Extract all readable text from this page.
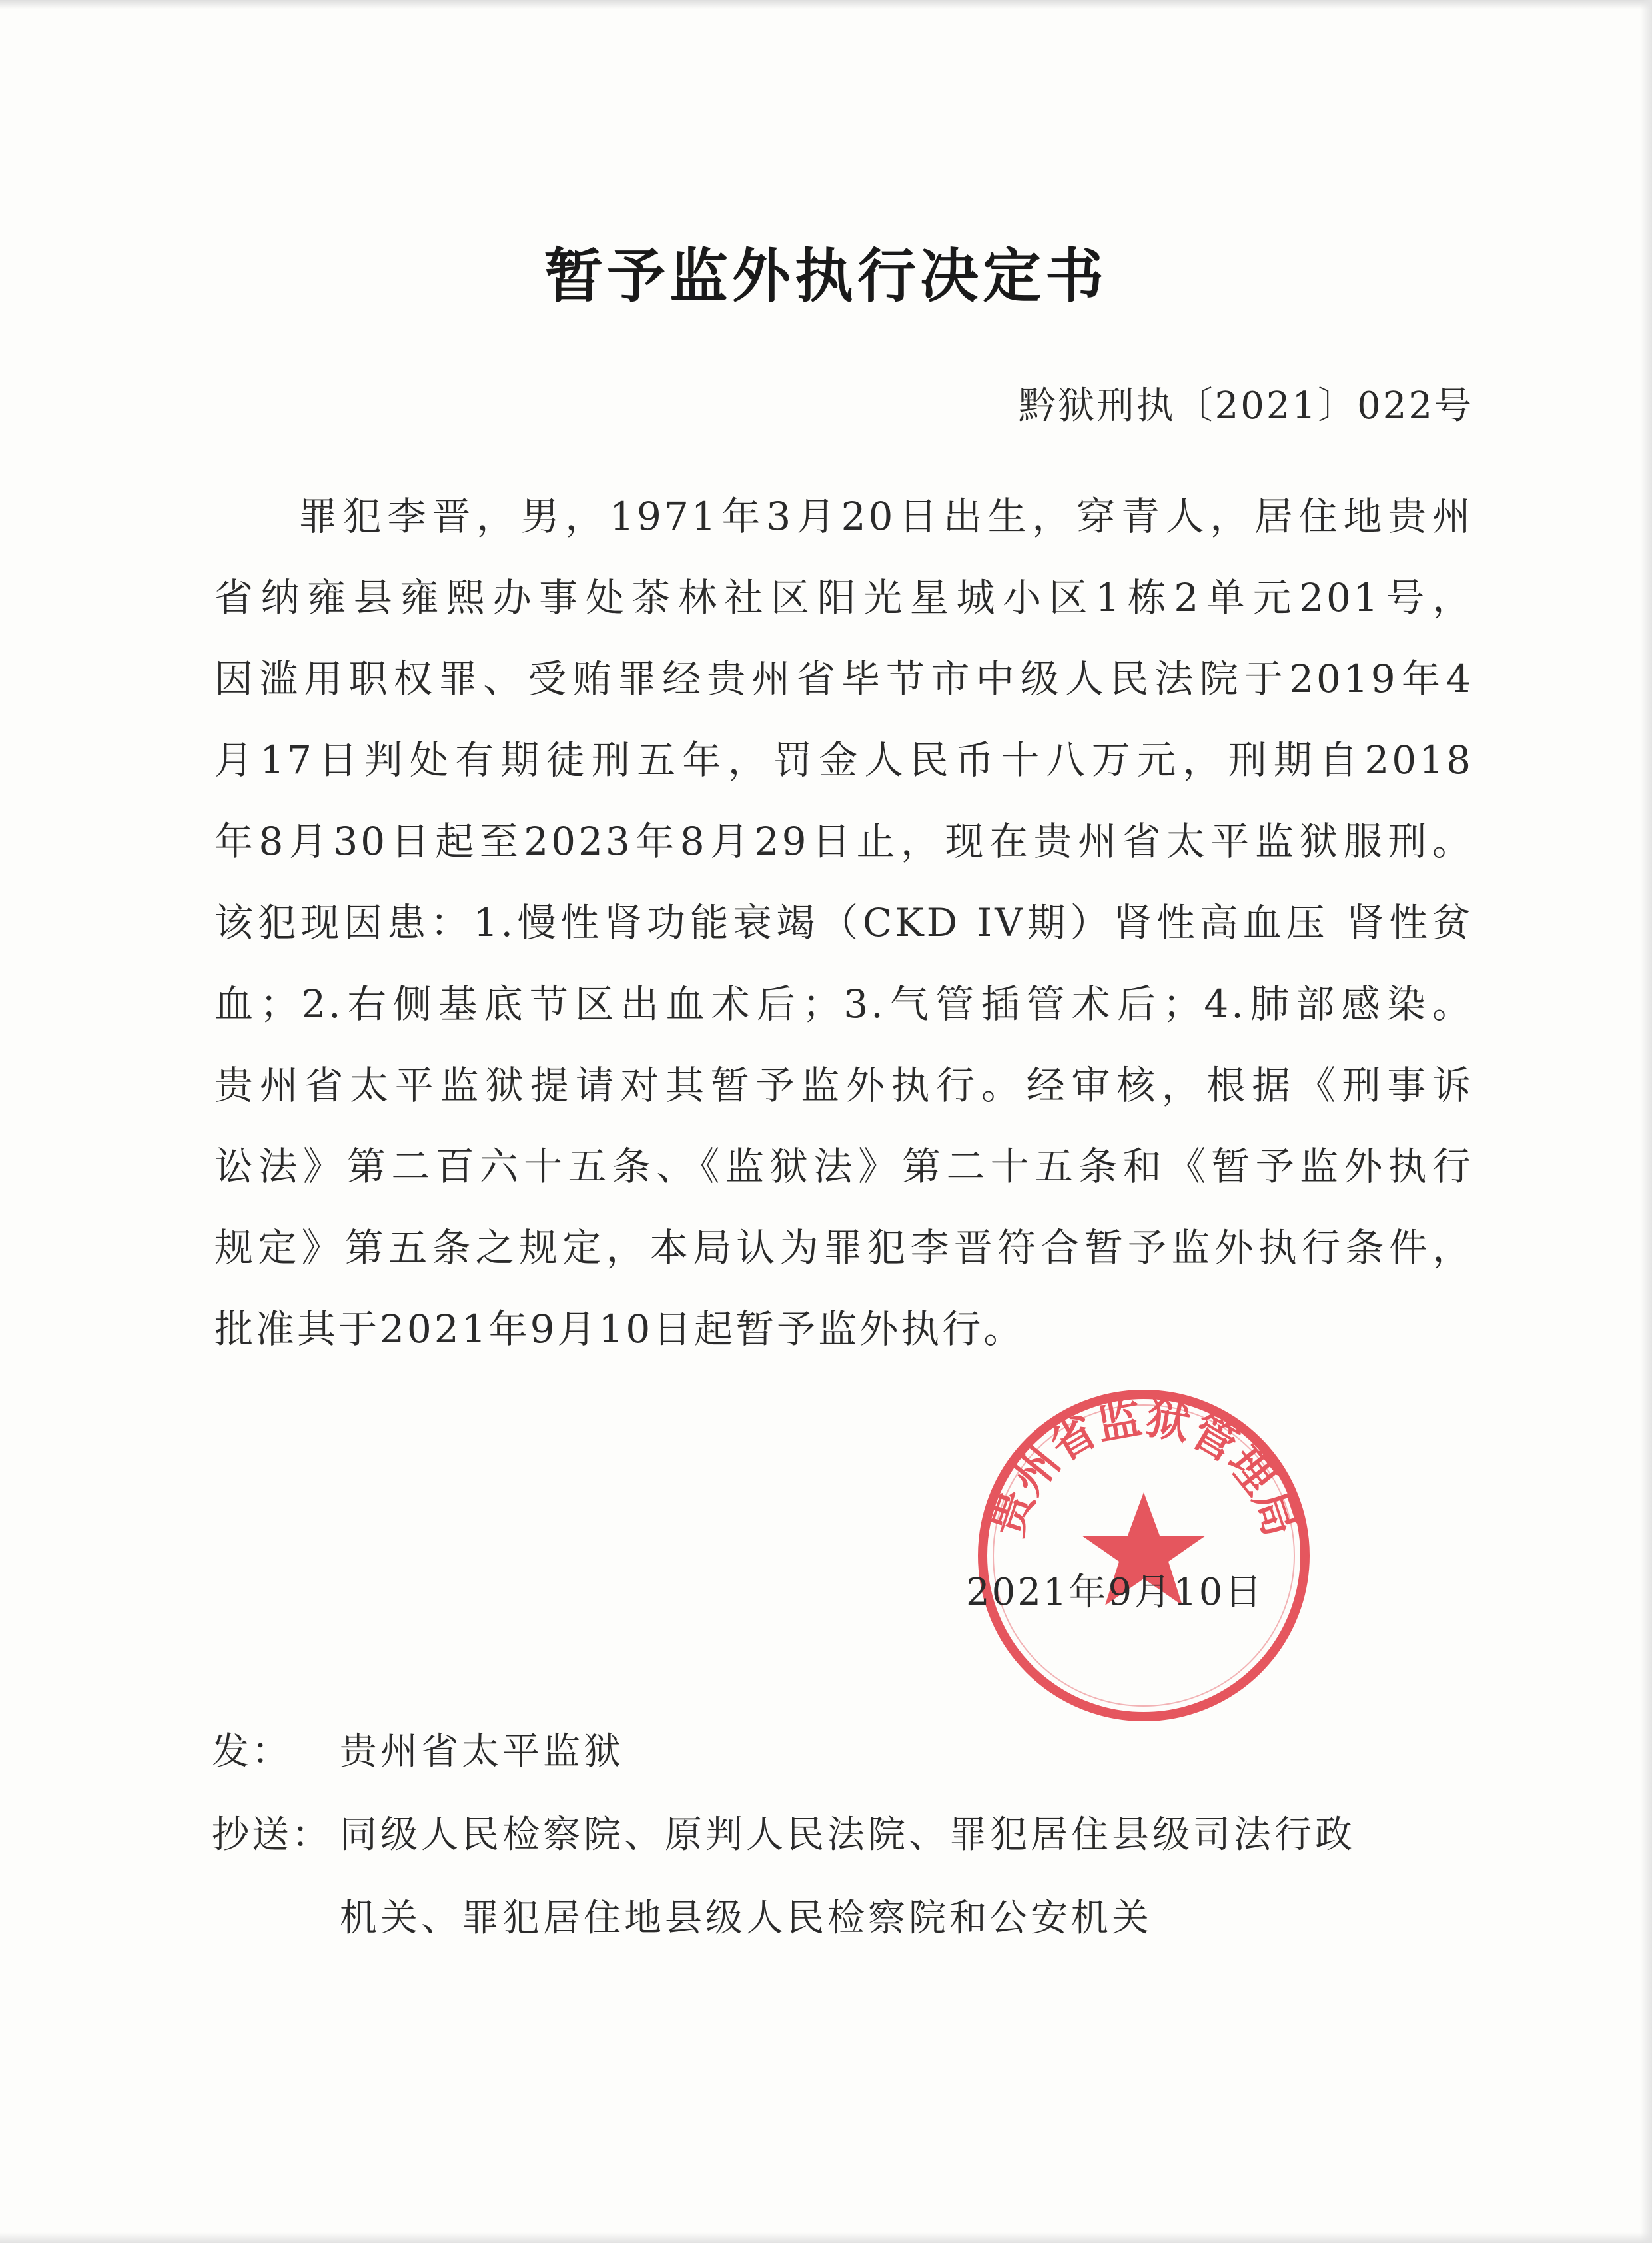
暂予监外执行决定书
黔狱刑执〔2021〕022号
罪犯李晋，男，1971年3月20日出生，穿青人，居住地贵州
省纳雍县雍熙办事处茶林社区阳光星城小区1栋2单元201号，
因滥用职权罪、受贿罪经贵州省毕节市中级人民法院于2019年4
月17日判处有期徒刑五年，罚金人民币十八万元，刑期自2018
年8月30日起至2023年8月29日止，现在贵州省太平监狱服刑。
该犯现因患：1.慢性肾功能衰竭（CKD IV期）肾性高血压 肾性贫
血；2.右侧基底节区出血术后；3.气管插管术后；4.肺部感染。
贵州省太平监狱提请对其暂予监外执行。经审核，根据《刑事诉
讼法》第二百六十五条、《监狱法》第二十五条和《暂予监外执行
规定》第五条之规定，本局认为罪犯李晋符合暂予监外执行条件，
批准其于2021年9月10日起暂予监外执行。
贵州省监狱管理局
2021年9月10日
发： 贵州省太平监狱
抄送： 同级人民检察院、原判人民法院、罪犯居住县级司法行政
机关、罪犯居住地县级人民检察院和公安机关
